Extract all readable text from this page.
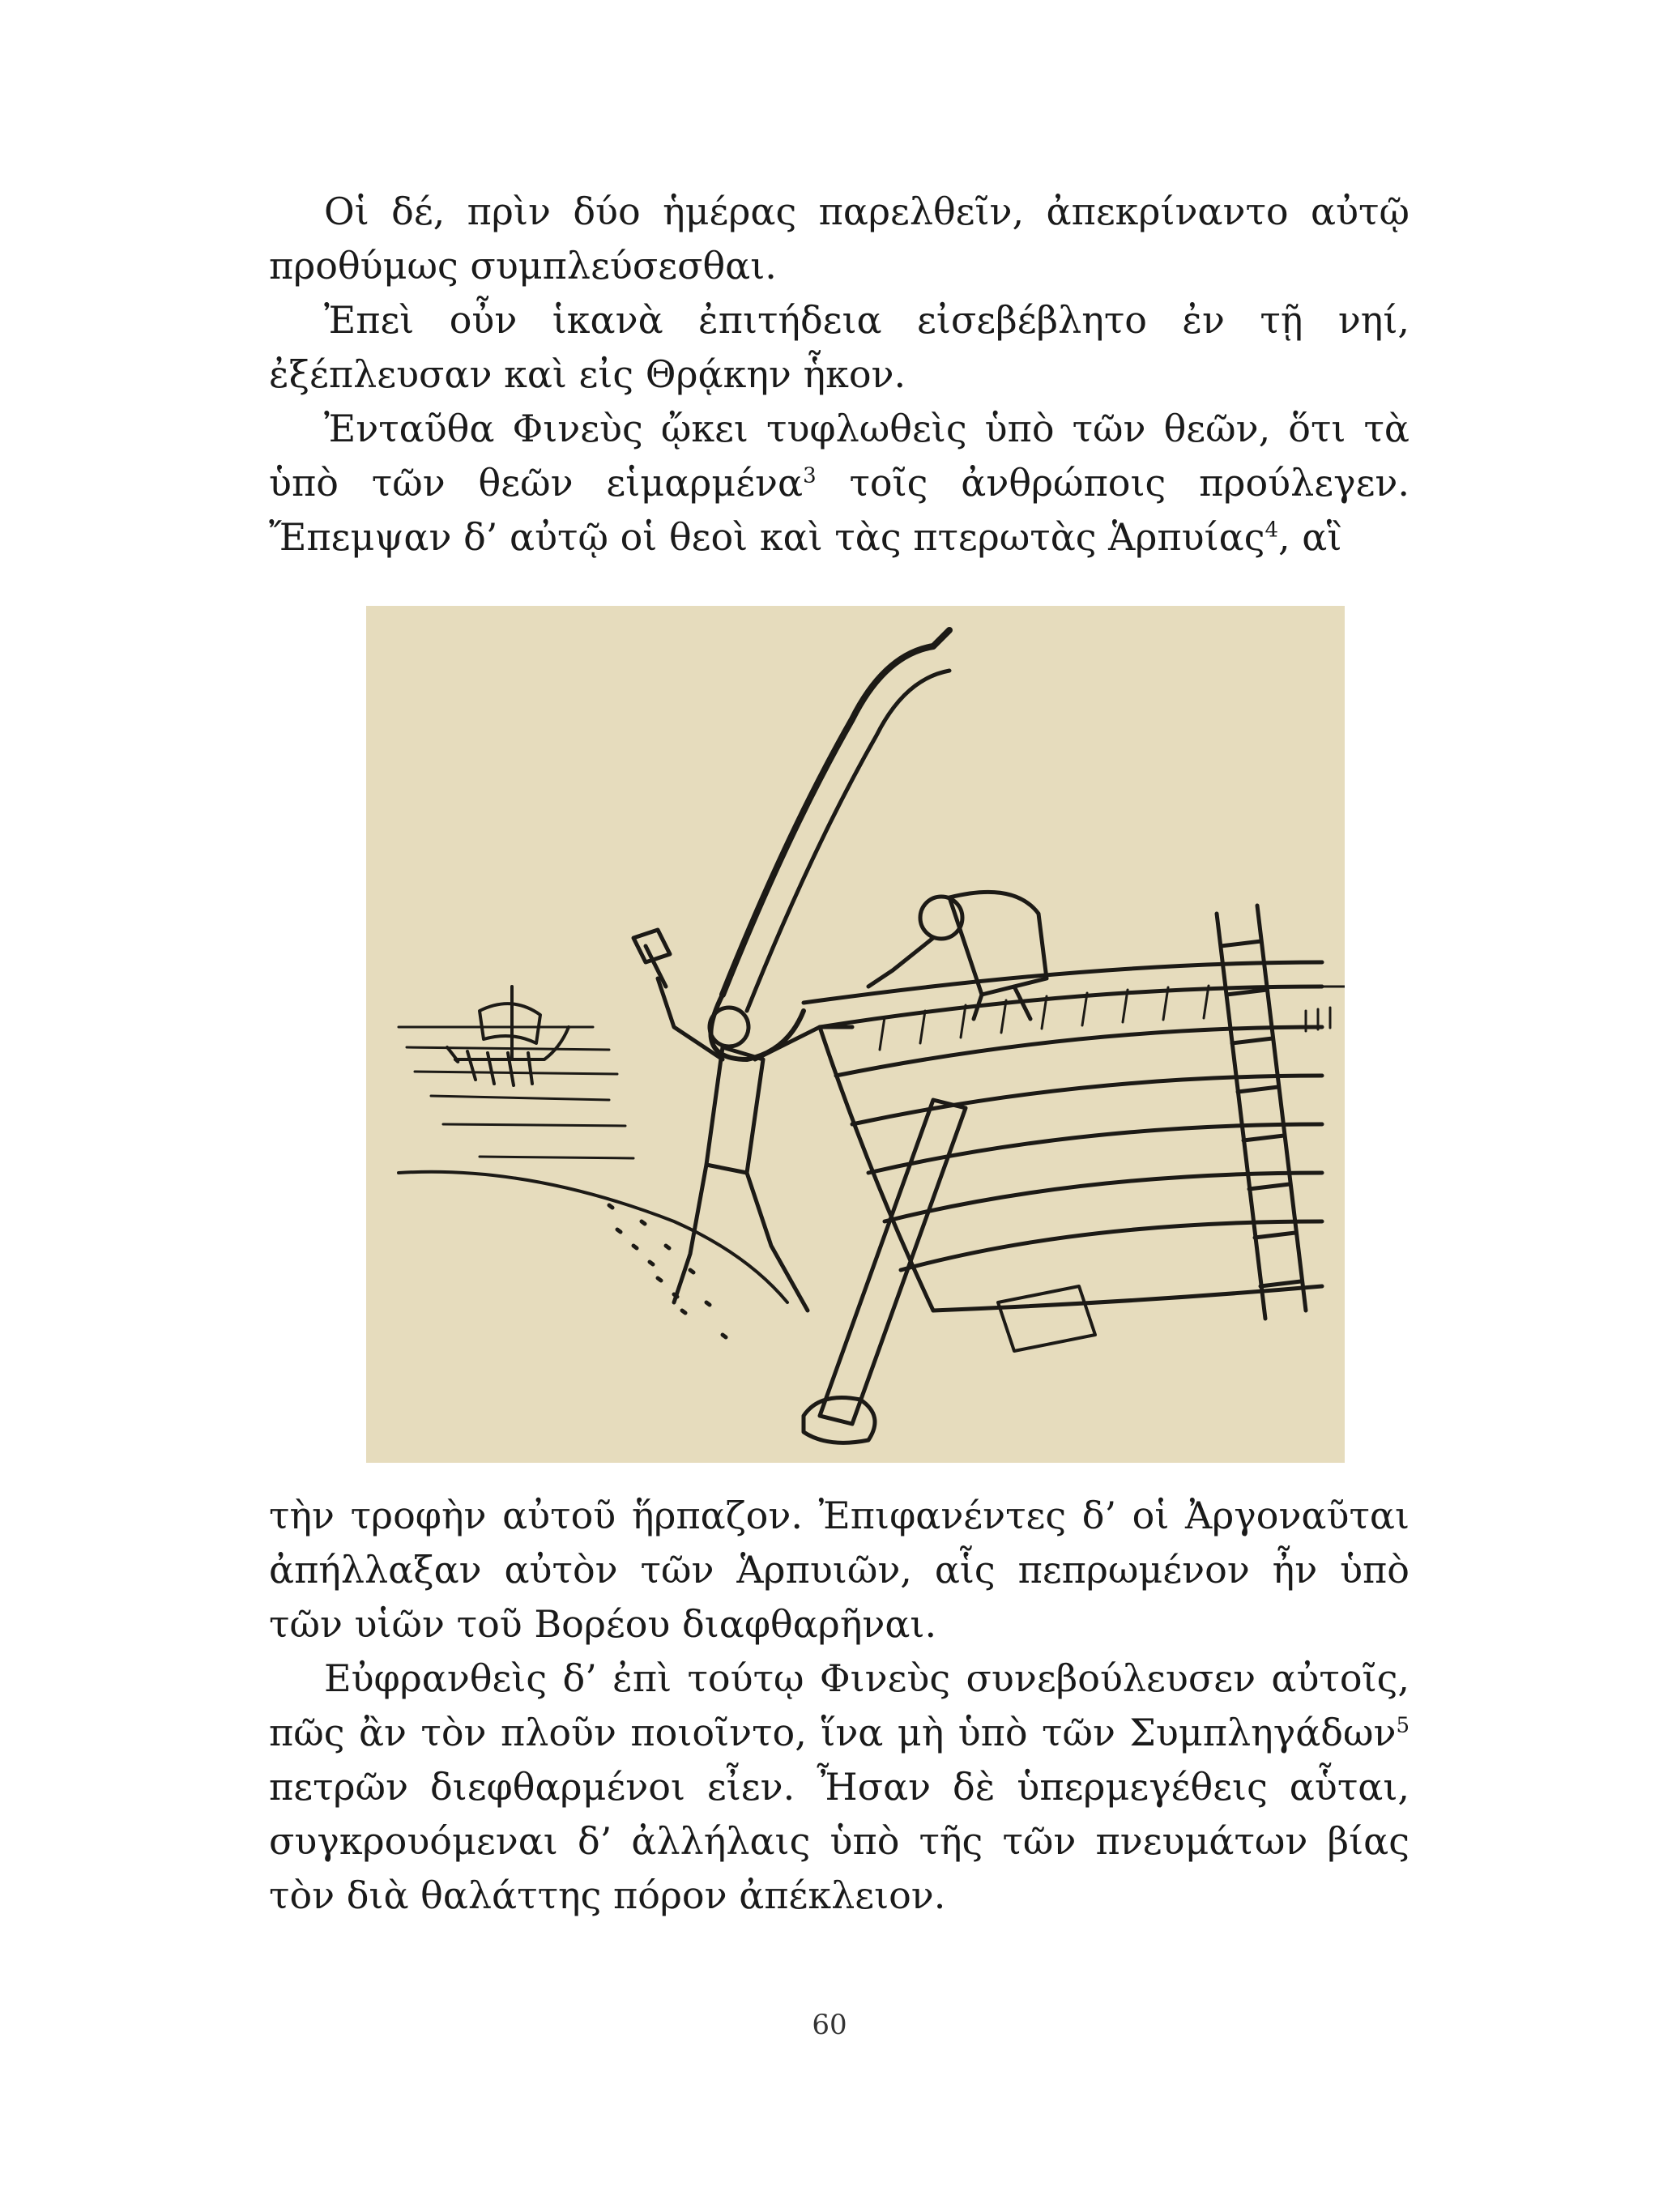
Οἱ δέ, πρὶν δύο ἡμέρας παρελθεῖν, ἀπεκρίναντο αὐτῷ προθύμως συμπλεύσεσθαι.

Ἐπεὶ οὖν ἱκανὰ ἐπιτήδεια εἰσεβέβλητο ἐν τῇ νηί, ἐξέπλευσαν καὶ εἰς Θρᾴκην ἧκον.

Ἐνταῦθα Φινεὺς ᾤκει τυφλωθεὶς ὑπὸ τῶν θεῶν, ὅτι τὰ ὑπὸ τῶν θεῶν εἱμαρμένα$^3$ τοῖς ἀνθρώποις προύλεγεν. Ἔπεμψαν δ’ αὐτῷ οἱ θεοὶ καὶ τὰς πτερωτὰς Ἁρπυίας$^4$, αἳ

τὴν τροφὴν αὐτοῦ ἥρπαζον. Ἐπιφανέντες δ’ οἱ Ἀργοναῦται ἀπήλλαξαν αὐτὸν τῶν Ἁρπυιῶν, αἷς πεπρωμένον ἦν ὑπὸ τῶν υἱῶν τοῦ Βορέου διαφθαρῆναι.

Εὐφρανθεὶς δ’ ἐπὶ τούτῳ Φινεὺς συνεβούλευσεν αὐτοῖς, πῶς ἂν τὸν πλοῦν ποιοῖντο, ἵνα μὴ ὑπὸ τῶν Συμπληγάδων$^5$ πετρῶν διεφθαρμένοι εἶεν. Ἦσαν δὲ ὑπερμεγέθεις αὗται, συγκρουόμεναι δ’ ἀλλήλαις ὑπὸ τῆς τῶν πνευμάτων βίας τὸν διὰ θαλάττης πόρον ἀπέκλειον.

60
